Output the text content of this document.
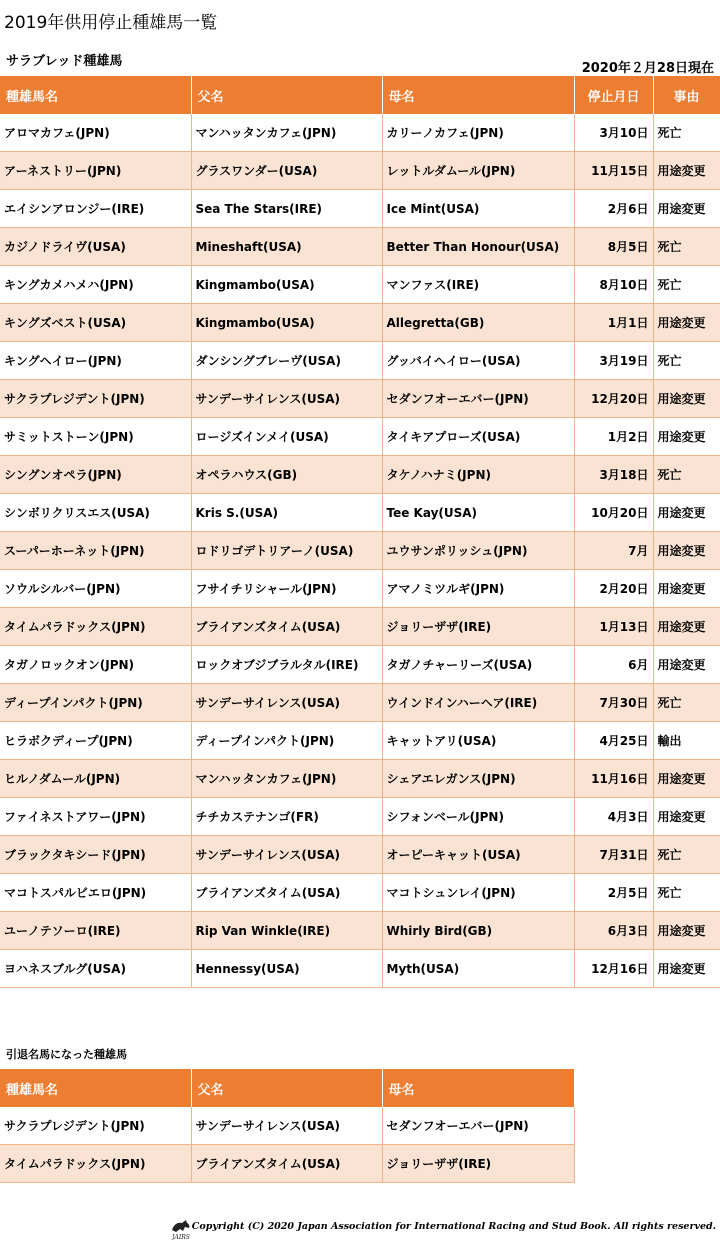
2019年供用停止種雄馬一覧
サラブレッド種雄馬	2020年２月28日現在
種雄馬名	父名	母名	停止月日	事由
アロマカフェ(JPN)	マンハッタンカフェ(JPN)	カリーノカフェ(JPN)	3月10日	死亡
アーネストリー(JPN)	グラスワンダー(USA)	レットルダムール(JPN)	11月15日	用途変更
エイシンアロンジー(IRE)	Sea The Stars(IRE)	Ice Mint(USA)	2月6日	用途変更
カジノドライヴ(USA)	Mineshaft(USA)	Better Than Honour(USA)	8月5日	死亡
キングカメハメハ(JPN)	Kingmambo(USA)	マンファス(IRE)	8月10日	死亡
キングズベスト(USA)	Kingmambo(USA)	Allegretta(GB)	1月1日	用途変更
キングヘイロー(JPN)	ダンシングブレーヴ(USA)	グッバイヘイロー(USA)	3月19日	死亡
サクラプレジデント(JPN)	サンデーサイレンス(USA)	セダンフオーエバー(JPN)	12月20日	用途変更
サミットストーン(JPN)	ロージズインメイ(USA)	タイキアプローズ(USA)	1月2日	用途変更
シングンオペラ(JPN)	オペラハウス(GB)	タケノハナミ(JPN)	3月18日	死亡
シンボリクリスエス(USA)	Kris S.(USA)	Tee Kay(USA)	10月20日	用途変更
スーパーホーネット(JPN)	ロドリゴデトリアーノ(USA)	ユウサンポリッシュ(JPN)	7月	用途変更
ソウルシルバー(JPN)	フサイチリシャール(JPN)	アマノミツルギ(JPN)	2月20日	用途変更
タイムパラドックス(JPN)	ブライアンズタイム(USA)	ジョリーザザ(IRE)	1月13日	用途変更
タガノロックオン(JPN)	ロックオブジブラルタル(IRE)	タガノチャーリーズ(USA)	6月	用途変更
ディープインパクト(JPN)	サンデーサイレンス(USA)	ウインドインハーヘア(IRE)	7月30日	死亡
ヒラボクディープ(JPN)	ディープインパクト(JPN)	キャットアリ(USA)	4月25日	輸出
ヒルノダムール(JPN)	マンハッタンカフェ(JPN)	シェアエレガンス(JPN)	11月16日	用途変更
ファイネストアワー(JPN)	チチカステナンゴ(FR)	シフォンベール(JPN)	4月3日	用途変更
ブラックタキシード(JPN)	サンデーサイレンス(USA)	オーピーキャット(USA)	7月31日	死亡
マコトスパルビエロ(JPN)	ブライアンズタイム(USA)	マコトシュンレイ(JPN)	2月5日	死亡
ユーノテソーロ(IRE)	Rip Van Winkle(IRE)	Whirly Bird(GB)	6月3日	用途変更
ヨハネスブルグ(USA)	Hennessy(USA)	Myth(USA)	12月16日	用途変更
引退名馬になった種雄馬
種雄馬名	父名	母名
サクラプレジデント(JPN)	サンデーサイレンス(USA)	セダンフオーエバー(JPN)
タイムパラドックス(JPN)	ブライアンズタイム(USA)	ジョリーザザ(IRE)
JAIRS
Copyright (C) 2020 Japan Association for International Racing and Stud Book. All rights reserved.
